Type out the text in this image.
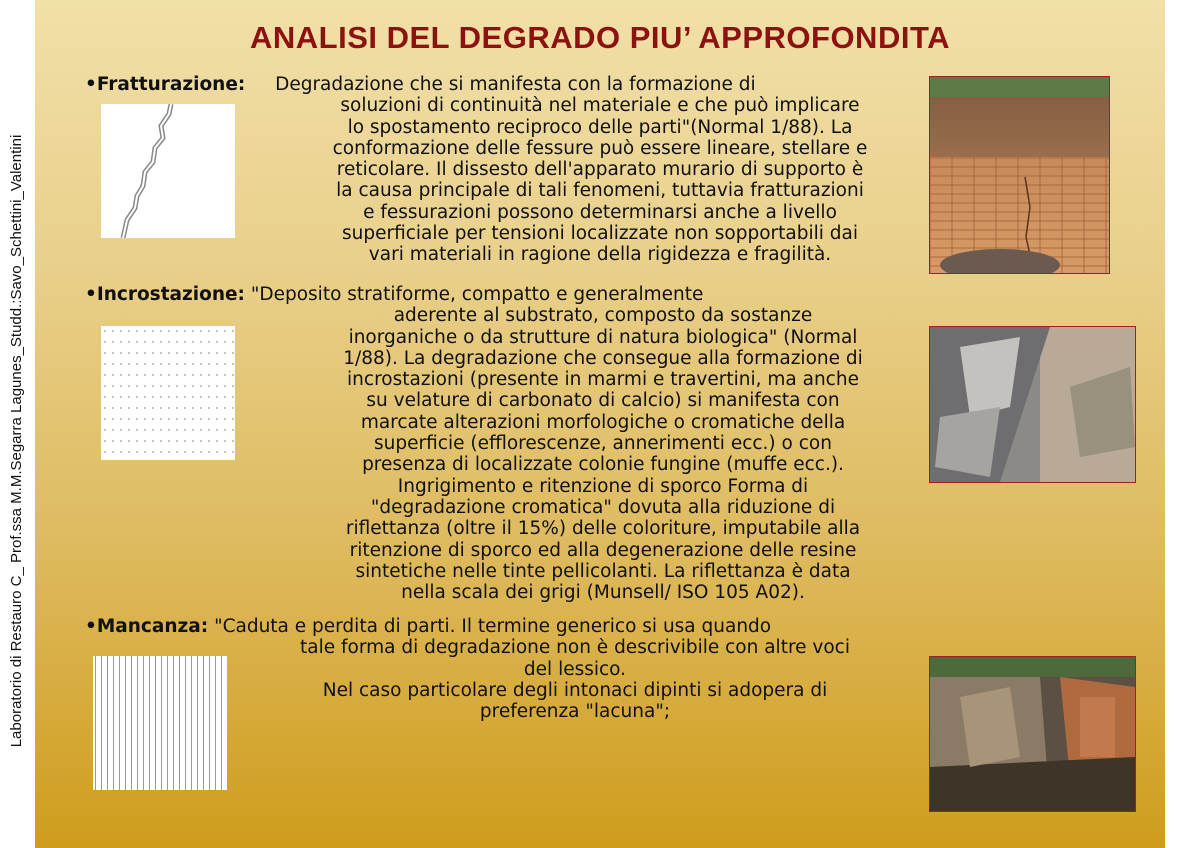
Laboratorio di Restauro C_ Prof.ssa M.M.Segarra Lagunes_Studd.:Savo_Schettini_Valentini
ANALISI DEL DEGRADO PIU’ APPROFONDITA
•Fratturazione: Degradazione che si manifesta con la formazione di
soluzioni di continuità nel materiale e che può implicare
lo spostamento reciproco delle parti"(Normal 1/88). La
conformazione delle fessure può essere lineare, stellare e
reticolare. Il dissesto dell'apparato murario di supporto è
la causa principale di tali fenomeni, tuttavia fratturazioni
e fessurazioni possono determinarsi anche a livello
superficiale per tensioni localizzate non sopportabili dai
vari materiali in ragione della rigidezza e fragilità.
•Incrostazione: "Deposito stratiforme, compatto e generalmente
aderente al substrato, composto da sostanze
inorganiche o da strutture di natura biologica" (Normal
1/88). La degradazione che consegue alla formazione di
incrostazioni (presente in marmi e travertini, ma anche
su velature di carbonato di calcio) si manifesta con
marcate alterazioni morfologiche o cromatiche della
superficie (efflorescenze, annerimenti ecc.) o con
presenza di localizzate colonie fungine (muffe ecc.).
Ingrigimento e ritenzione di sporco Forma di
"degradazione cromatica" dovuta alla riduzione di
riflettanza (oltre il 15%) delle coloriture, imputabile alla
ritenzione di sporco ed alla degenerazione delle resine
sintetiche nelle tinte pellicolanti. La riflettanza è data
nella scala dei grigi (Munsell/ ISO 105 A02).
•Mancanza: "Caduta e perdita di parti. Il termine generico si usa quando
tale forma di degradazione non è descrivibile con altre voci
del lessico.
Nel caso particolare degli intonaci dipinti si adopera di
preferenza "lacuna";
